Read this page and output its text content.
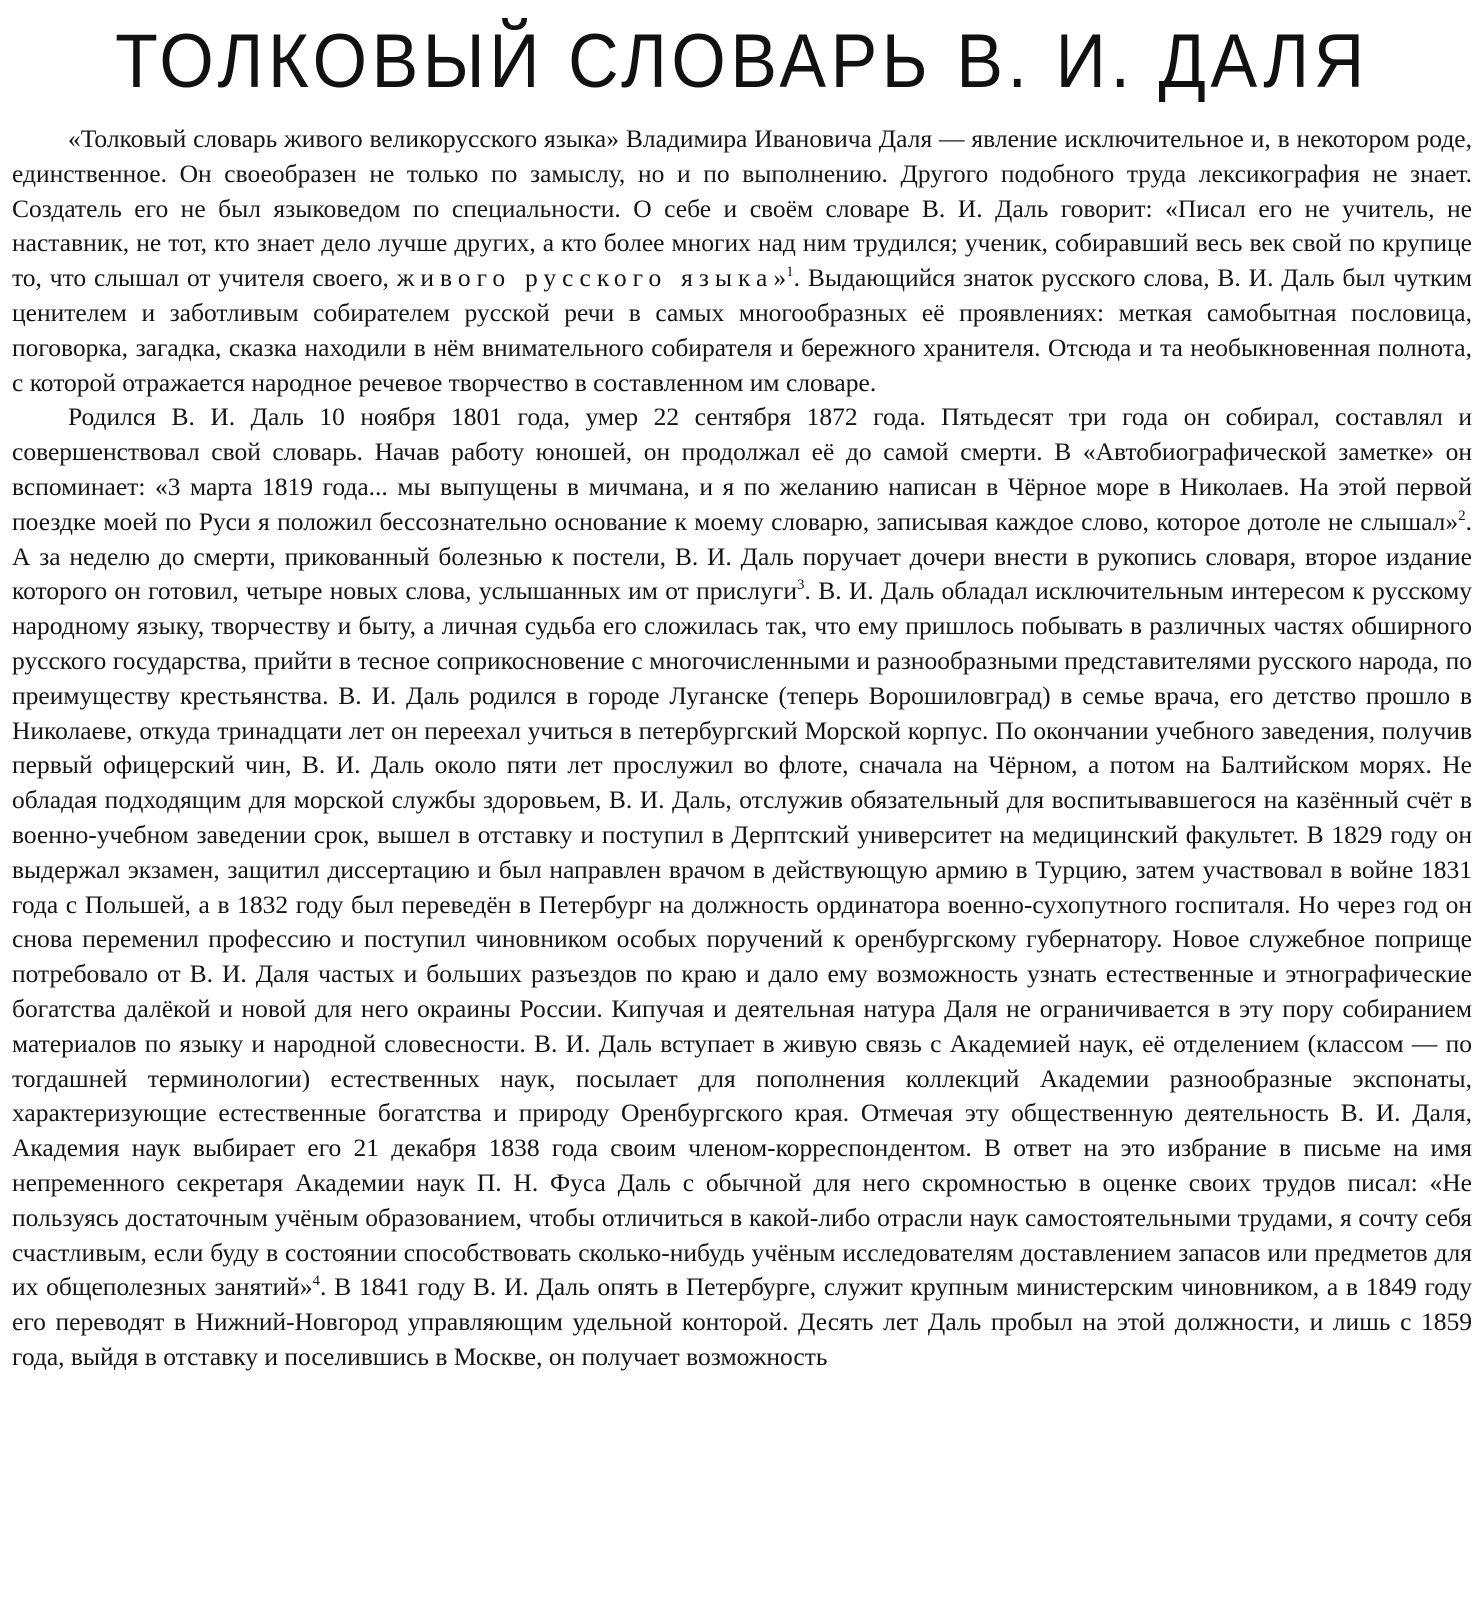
ТОЛКОВЫЙ СЛОВАРЬ В. И. ДАЛЯ

«Толковый словарь живого великорусского языка» Владимира Ивановича Даля — явление исключительное и, в некотором роде, единственное. Он своеобразен не только по замыслу, но и по выполнению. Другого подобного труда лексикография не знает. Создатель его не был языковедом по специальности. О себе и своём словаре В. И. Даль говорит: «Писал его не учитель, не наставник, не тот, кто знает дело лучше других, а кто более многих над ним трудился; ученик, собиравший весь век свой по крупице то, что слышал от учителя своего, живого русского языка»$^1$. Выдающийся знаток русского слова, В. И. Даль был чутким ценителем и заботливым собирателем русской речи в самых многообразных её проявлениях: меткая самобытная пословица, поговорка, загадка, сказка находили в нём внимательного собирателя и бережного хранителя. Отсюда и та необыкновенная полнота, с которой отражается народное речевое творчество в составленном им словаре.

Родился В. И. Даль 10 ноября 1801 года, умер 22 сентября 1872 года. Пятьдесят три года он собирал, составлял и совершенствовал свой словарь. Начав работу юношей, он продолжал её до самой смерти. В «Автобиографической заметке» он вспоминает: «3 марта 1819 года... мы выпущены в мичмана, и я по желанию написан в Чёрное море в Николаев. На этой первой поездке моей по Руси я положил бессознательно основание к моему словарю, записывая каждое слово, которое дотоле не слышал»$^2$. А за неделю до смерти, прикованный болезнью к постели, В. И. Даль поручает дочери внести в рукопись словаря, второе издание которого он готовил, четыре новых слова, услышанных им от прислуги$^3$. В. И. Даль обладал исключительным интересом к русскому народному языку, творчеству и быту, а личная судьба его сложилась так, что ему пришлось побывать в различных частях обширного русского государства, прийти в тесное соприкосновение с многочисленными и разнообразными представителями русского народа, по преимуществу крестьянства. В. И. Даль родился в городе Луганске (теперь Ворошиловград) в семье врача, его детство прошло в Николаеве, откуда тринадцати лет он переехал учиться в петербургский Морской корпус. По окончании учебного заведения, получив первый офицерский чин, В. И. Даль около пяти лет прослужил во флоте, сначала на Чёрном, а потом на Балтийском морях. Не обладая подходящим для морской службы здоровьем, В. И. Даль, отслужив обязательный для воспитывавшегося на казённый счёт в военно-учебном заведении срок, вышел в отставку и поступил в Дерптский университет на медицинский факультет. В 1829 году он выдержал экзамен, защитил диссертацию и был направлен врачом в действующую армию в Турцию, затем участвовал в войне 1831 года с Польшей, а в 1832 году был переведён в Петербург на должность ординатора военно-сухопутного госпиталя. Но через год он снова переменил профессию и поступил чиновником особых поручений к оренбургскому губернатору. Новое служебное поприще потребовало от В. И. Даля частых и больших разъездов по краю и дало ему возможность узнать естественные и этнографические богатства далёкой и новой для него окраины России. Кипучая и деятельная натура Даля не ограничивается в эту пору собиранием материалов по языку и народной словесности. В. И. Даль вступает в живую связь с Академией наук, её отделением (классом — по тогдашней терминологии) естественных наук, посылает для пополнения коллекций Академии разнообразные экспонаты, характеризующие естественные богатства и природу Оренбургского края. Отмечая эту общественную деятельность В. И. Даля, Академия наук выбирает его 21 декабря 1838 года своим членом-корреспондентом. В ответ на это избрание в письме на имя непременного секретаря Академии наук П. Н. Фуса Даль с обычной для него скромностью в оценке своих трудов писал: «Не пользуясь достаточным учёным образованием, чтобы отличиться в какой-либо отрасли наук самостоятельными трудами, я сочту себя счастливым, если буду в состоянии способствовать сколько-нибудь учёным исследователям доставлением запасов или предметов для их общеполезных занятий»$^4$. В 1841 году В. И. Даль опять в Петербурге, служит крупным министерским чиновником, а в 1849 году его переводят в Нижний-Новгород управляющим удельной конторой. Десять лет Даль пробыл на этой должности, и лишь с 1859 года, выйдя в отставку и поселившись в Москве, он получает возможность
